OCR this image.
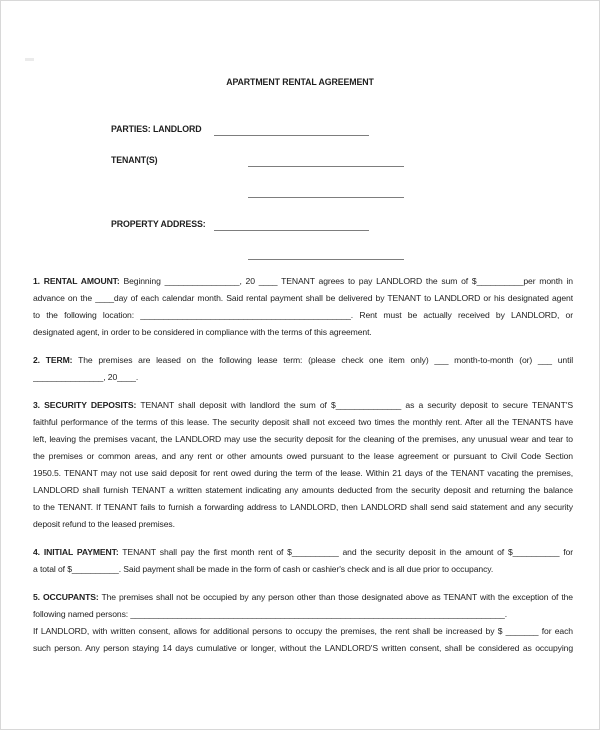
APARTMENT RENTAL AGREEMENT
PARTIES: LANDLORD
TENANT(S)
PROPERTY ADDRESS:
1. RENTAL AMOUNT: Beginning ________________, 20 ____ TENANT agrees to pay LANDLORD the sum of $__________per month in
advance on the ____day of each calendar month. Said rental payment shall be delivered by TENANT to LANDLORD or his designated agent
to the following location: _____________________________________________. Rent must be actually received by LANDLORD, or
designated agent, in order to be considered in compliance with the terms of this agreement.
2. TERM: The premises are leased on the following lease term: (please check one item only) ___ month-to-month (or) ___ until
_______________, 20____.
3. SECURITY DEPOSITS: TENANT shall deposit with landlord the sum of $______________ as a security deposit to secure TENANT'S
faithful performance of the terms of this lease. The security deposit shall not exceed two times the monthly rent. After all the TENANTS have
left, leaving the premises vacant, the LANDLORD may use the security deposit for the cleaning of the premises, any unusual wear and tear to
the premises or common areas, and any rent or other amounts owed pursuant to the lease agreement or pursuant to Civil Code Section
1950.5. TENANT may not use said deposit for rent owed during the term of the lease. Within 21 days of the TENANT vacating the premises,
LANDLORD shall furnish TENANT a written statement indicating any amounts deducted from the security deposit and returning the balance
to the TENANT. If TENANT fails to furnish a forwarding address to LANDLORD, then LANDLORD shall send said statement and any security
deposit refund to the leased premises.
4. INITIAL PAYMENT: TENANT shall pay the first month rent of $__________ and the security deposit in the amount of $__________ for
a total of $__________. Said payment shall be made in the form of cash or cashier's check and is all due prior to occupancy.
5. OCCUPANTS: The premises shall not be occupied by any person other than those designated above as TENANT with the exception of the
following named persons: ________________________________________________________________________________.
If LANDLORD, with written consent, allows for additional persons to occupy the premises, the rent shall be increased by $ _______ for each
such person. Any person staying 14 days cumulative or longer, without the LANDLORD'S written consent, shall be considered as occupying
